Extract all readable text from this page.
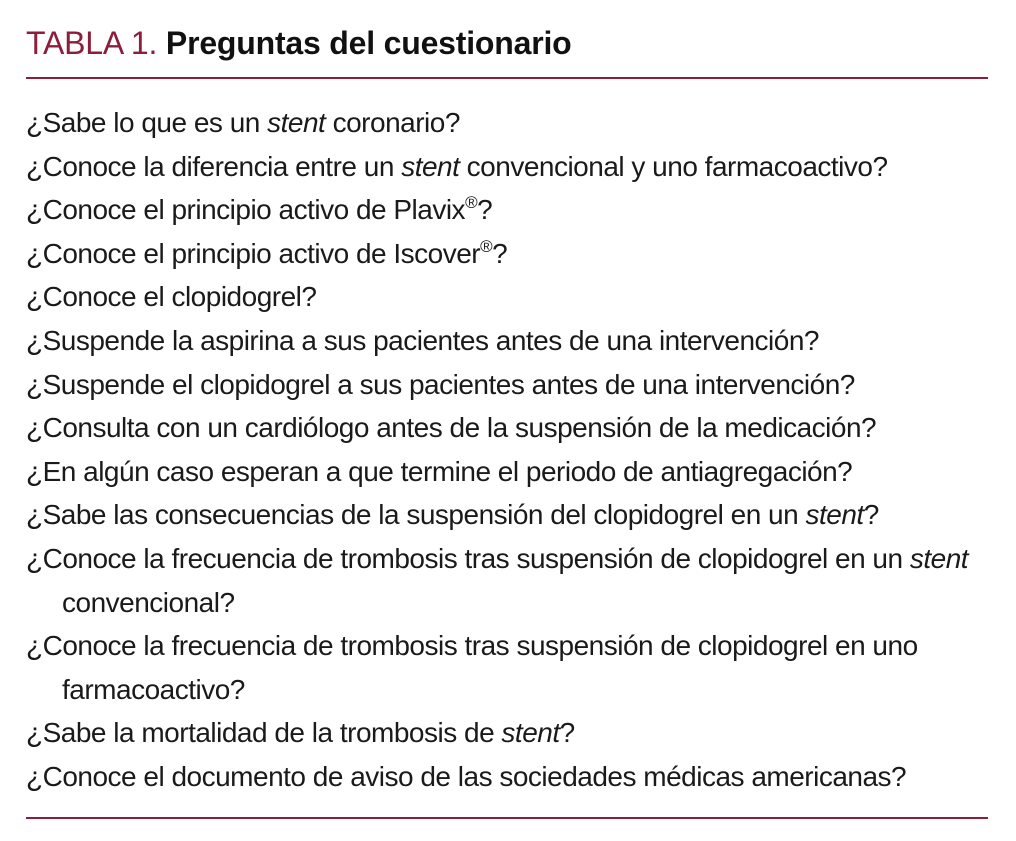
TABLA 1. Preguntas del cuestionario
¿Sabe lo que es un stent coronario?
¿Conoce la diferencia entre un stent convencional y uno farmacoactivo?
¿Conoce el principio activo de Plavix®?
¿Conoce el principio activo de Iscover®?
¿Conoce el clopidogrel?
¿Suspende la aspirina a sus pacientes antes de una intervención?
¿Suspende el clopidogrel a sus pacientes antes de una intervención?
¿Consulta con un cardiólogo antes de la suspensión de la medicación?
¿En algún caso esperan a que termine el periodo de antiagregación?
¿Sabe las consecuencias de la suspensión del clopidogrel en un stent?
¿Conoce la frecuencia de trombosis tras suspensión de clopidogrel en un stent convencional?
¿Conoce la frecuencia de trombosis tras suspensión de clopidogrel en uno farmacoactivo?
¿Sabe la mortalidad de la trombosis de stent?
¿Conoce el documento de aviso de las sociedades médicas americanas?
